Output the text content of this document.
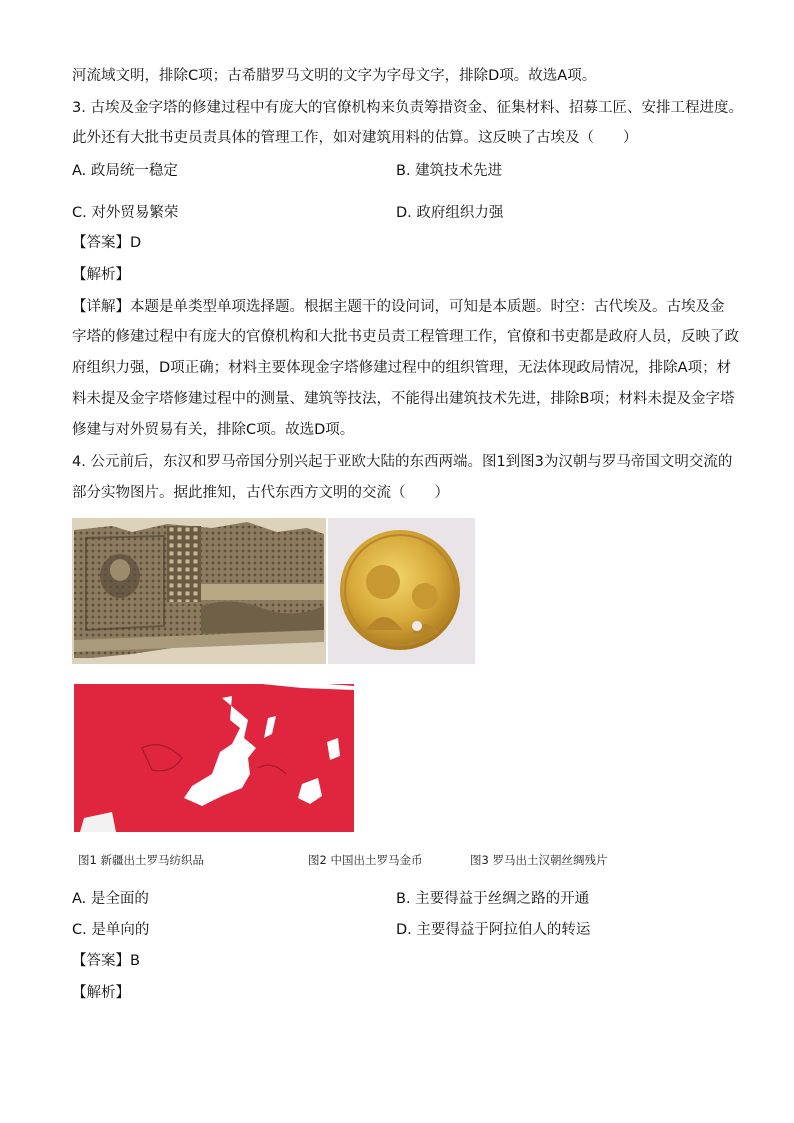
河流域文明，排除C项；古希腊罗马文明的文字为字母文字，排除D项。故选A项。
3. 古埃及金字塔的修建过程中有庞大的官僚机构来负责筹措资金、征集材料、招募工匠、安排工程进度。
此外还有大批书吏员责具体的管理工作，如对建筑用料的估算。这反映了古埃及（　　）
A. 政局统一稳定	B. 建筑技术先进
C. 对外贸易繁荣	D. 政府组织力强
【答案】D
【解析】
【详解】本题是单类型单项选择题。根据主题干的设问词，可知是本质题。时空：古代埃及。古埃及金
字塔的修建过程中有庞大的官僚机构和大批书吏员责工程管理工作，官僚和书吏都是政府人员，反映了政
府组织力强，D项正确；材料主要体现金字塔修建过程中的组织管理，无法体现政局情况，排除A项；材
料未提及金字塔修建过程中的测量、建筑等技法，不能得出建筑技术先进，排除B项；材料未提及金字塔
修建与对外贸易有关，排除C项。故选D项。
4. 公元前后，东汉和罗马帝国分别兴起于亚欧大陆的东西两端。图1到图3为汉朝与罗马帝国文明交流的
部分实物图片。据此推知，古代东西方文明的交流（　　）
图1 新疆出土罗马纺织品	图2 中国出土罗马金币	图3 罗马出土汉朝丝绸残片
A. 是全面的	B. 主要得益于丝绸之路的开通
C. 是单向的	D. 主要得益于阿拉伯人的转运
【答案】B
【解析】
